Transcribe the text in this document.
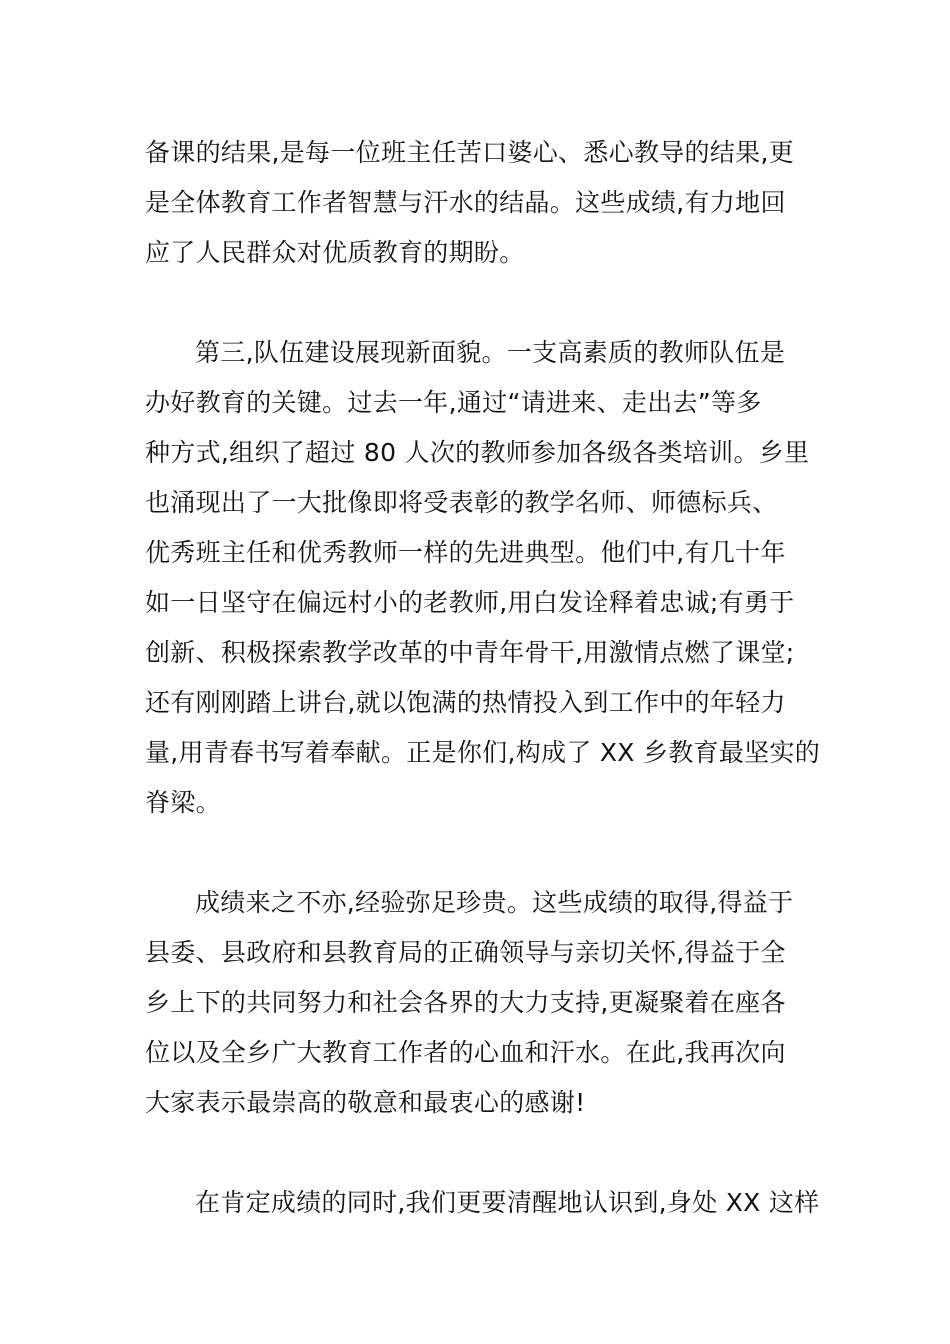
备课的结果,是每一位班主任苦口婆心、悉心教导的结果,更
是全体教育工作者智慧与汗水的结晶。这些成绩,有力地回
应了人民群众对优质教育的期盼。

第三,队伍建设展现新面貌。一支高素质的教师队伍是
办好教育的关键。过去一年,通过“请进来、走出去”等多
种方式,组织了超过 80 人次的教师参加各级各类培训。乡里
也涌现出了一大批像即将受表彰的教学名师、师德标兵、
优秀班主任和优秀教师一样的先进典型。他们中,有几十年
如一日坚守在偏远村小的老教师,用白发诠释着忠诚;有勇于
创新、积极探索教学改革的中青年骨干,用激情点燃了课堂;
还有刚刚踏上讲台,就以饱满的热情投入到工作中的年轻力
量,用青春书写着奉献。正是你们,构成了 XX 乡教育最坚实的
脊梁。

成绩来之不亦,经验弥足珍贵。这些成绩的取得,得益于
县委、县政府和县教育局的正确领导与亲切关怀,得益于全
乡上下的共同努力和社会各界的大力支持,更凝聚着在座各
位以及全乡广大教育工作者的心血和汗水。在此,我再次向
大家表示最崇高的敬意和最衷心的感谢!

在肯定成绩的同时,我们更要清醒地认识到,身处 XX 这样
